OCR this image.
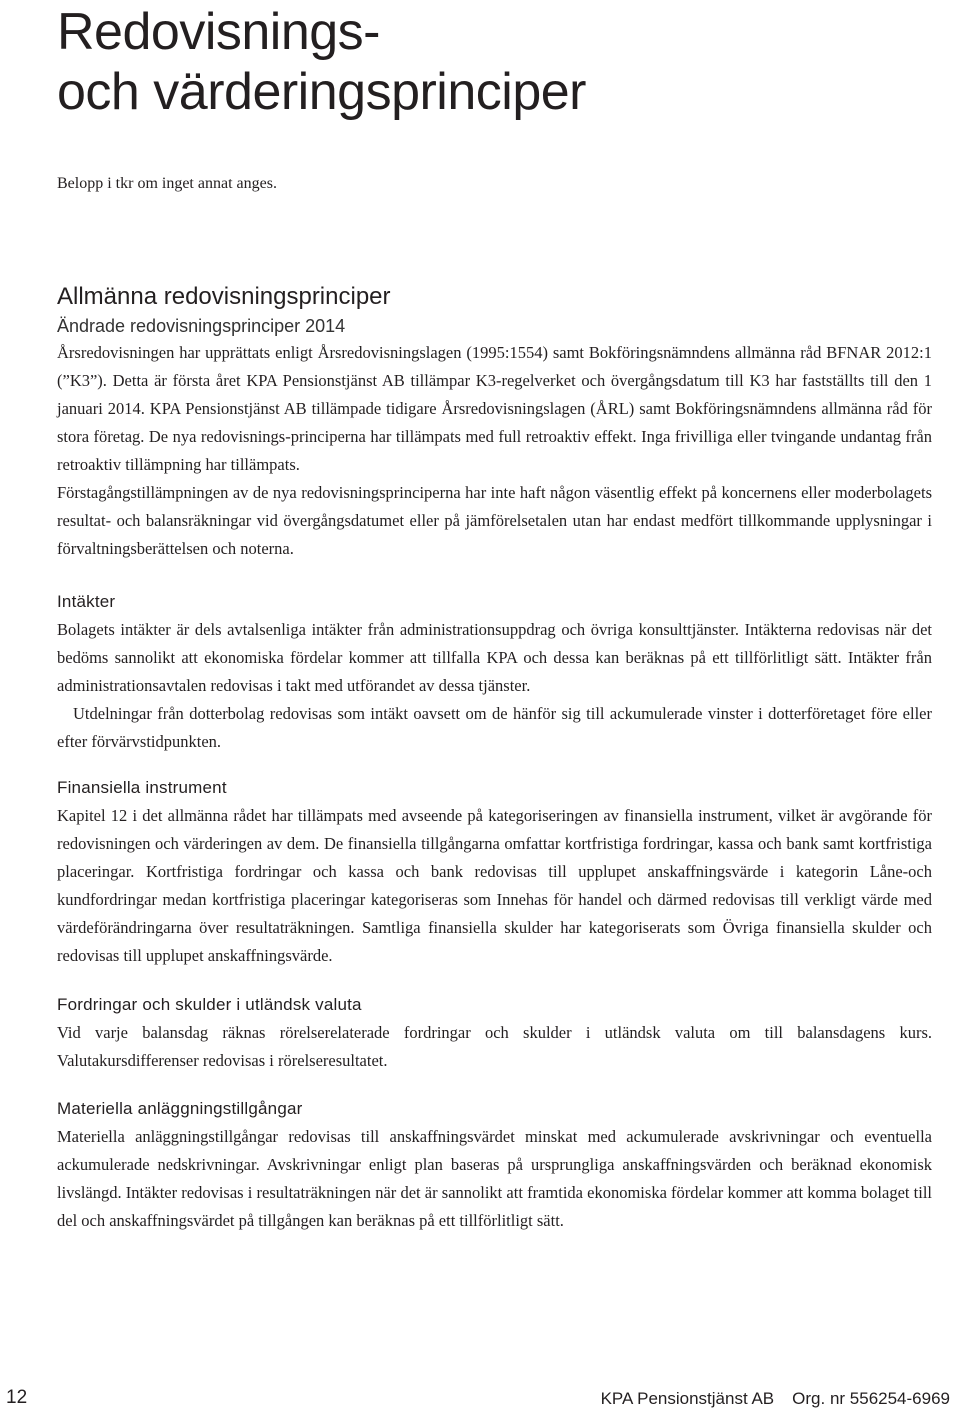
Redovisnings-
och värderingsprinciper

Belopp i tkr om inget annat anges.

Allmänna redovisningsprinciper
Ändrade redovisningsprinciper 2014

Årsredovisningen har upprättats enligt Årsredovisningslagen (1995:1554) samt Bokföringsnämndens allmänna råd BFNAR 2012:1 (”K3”). Detta är första året KPA Pensionstjänst AB tillämpar K3-regelverket och övergångsdatum till K3 har fastställts till den 1 januari 2014. KPA Pensionstjänst AB tillämpade tidigare Årsredovisningslagen (ÅRL) samt Bokföringsnämndens allmänna råd för stora företag. De nya redovisnings-principerna har tillämpats med full retroaktiv effekt. Inga frivilliga eller tvingande undantag från retroaktiv tillämpning har tillämpats.

Förstagångstillämpningen av de nya redovisningsprinciperna har inte haft någon väsentlig effekt på koncernens eller moderbolagets resultat- och balansräkningar vid övergångsdatumet eller på jämförelsetalen utan har endast medfört tillkommande upplysningar i förvaltningsberättelsen och noterna.

Intäkter

Bolagets intäkter är dels avtalsenliga intäkter från administrationsuppdrag och övriga konsulttjänster. Intäkterna redovisas när det bedöms sannolikt att ekonomiska fördelar kommer att tillfalla KPA och dessa kan beräknas på ett tillförlitligt sätt. Intäkter från administrationsavtalen redovisas i takt med utförandet av dessa tjänster.

Utdelningar från dotterbolag redovisas som intäkt oavsett om de hänför sig till ackumulerade vinster i dotterföretaget före eller efter förvärvstidpunkten.

Finansiella instrument

Kapitel 12 i det allmänna rådet har tillämpats med avseende på kategoriseringen av finansiella instrument, vilket är avgörande för redovisningen och värderingen av dem. De finansiella tillgångarna omfattar kortfristiga fordringar, kassa och bank samt kortfristiga placeringar. Kortfristiga fordringar och kassa och bank redovisas till upplupet anskaffningsvärde i kategorin Låne-och kundfordringar medan kortfristiga placeringar kategoriseras som Innehas för handel och därmed redovisas till verkligt värde med värdeförändringarna över resultaträkningen. Samtliga finansiella skulder har kategoriserats som Övriga finansiella skulder och redovisas till upplupet anskaffningsvärde.

Fordringar och skulder i utländsk valuta

Vid varje balansdag räknas rörelserelaterade fordringar och skulder i utländsk valuta om till balansdagens kurs. Valutakursdifferenser redovisas i rörelseresultatet.

Materiella anläggningstillgångar

Materiella anläggningstillgångar redovisas till anskaffningsvärdet minskat med ackumulerade avskrivningar och eventuella ackumulerade nedskrivningar. Avskrivningar enligt plan baseras på ursprungliga anskaffningsvärden och beräknad ekonomisk livslängd. Intäkter redovisas i resultaträkningen när det är sannolikt att framtida ekonomiska fördelar kommer att komma bolaget till del och anskaffningsvärdet på tillgången kan beräknas på ett tillförlitligt sätt.

12	KPA Pensionstjänst AB Org. nr 556254-6969
